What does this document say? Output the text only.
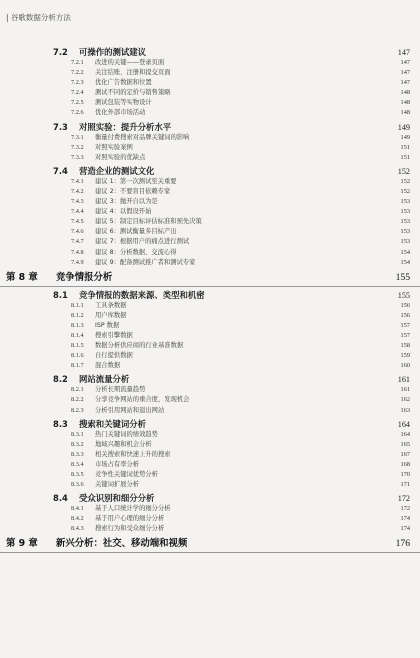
| 谷歌数据分析方法
7.2 可操作的测试建议	147
7.2.1 改进的关键——登录页面	147
7.2.2 关注结账、注册和提交页面	147
7.2.3 优化广告数据和位置	147
7.2.4 测试不同的定价与销售策略	148
7.2.5 测试包装等实物设计	148
7.2.6 优化外部市场活动	148
7.3 对照实验：提升分析水平	149
7.3.1 衡量付费搜索对品牌关键词的影响	149
7.3.2 对照实验案例	151
7.3.3 对照实验的优缺点	151
7.4 营造企业的测试文化	152
7.4.1 建议 1：第一次测试至关重要	152
7.4.2 建议 2：不要盲目依赖专家	152
7.4.3 建议 3：抛开自以为是	153
7.4.4 建议 4：以假设开始	153
7.4.5 建议 5：制定目标评估标准和预先决策	153
7.4.6 建议 6：测试衡量多目标产出	153
7.4.7 建议 7：根据用户的痛点进行测试	153
7.4.8 建议 8：分析数据、交流心得	154
7.4.9 建议 9：配备测试推广者和测试专家	154
第 8 章 竞争情报分析	155
8.1 竞争情报的数据来源、类型和机密	155
8.1.1 工具条数据	156
8.1.2 用户库数据	156
8.1.3 ISP 数据	157
8.1.4 搜索引擎数据	157
8.1.5 数据分析供应商的行业基准数据	158
8.1.6 自行提供数据	159
8.1.7 混合数据	160
8.2 网站流量分析	161
8.2.1 分析长期流量趋势	161
8.2.2 分享竞争网站的重合度，发现机会	162
8.2.3 分析引用网站和退出网站	163
8.3 搜索和关键词分析	164
8.3.1 热门关键词的绩效趋势	164
8.3.2 地域兴趣和机会分析	165
8.3.3 相关搜索和快速上升的搜索	167
8.3.4 市场占有率分析	168
8.3.5 竞争性关键词优势分析	170
8.3.6 关键词扩展分析	171
8.4 受众识别和细分分析	172
8.4.1 基于人口统计学的细分分析	172
8.4.2 基于用户心理的细分分析	174
8.4.3 搜索行为和受众细分分析	174
第 9 章 新兴分析：社交、移动端和视频	176
